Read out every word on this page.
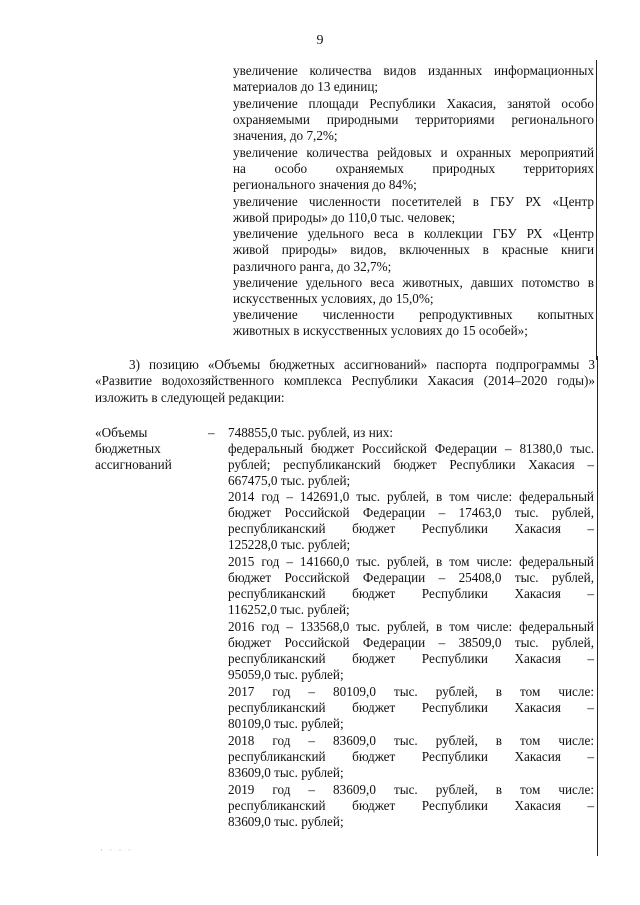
9
увеличение количества видов изданных информационных
материалов до 13 единиц;
увеличение площади Республики Хакасия, занятой особо
охраняемыми природными территориями регионального
значения, до 7,2%;
увеличение количества рейдовых и охранных мероприятий
на особо охраняемых природных территориях
регионального значения до 84%;
увеличение численности посетителей в ГБУ РХ «Центр
живой природы» до 110,0 тыс. человек;
увеличение удельного веса в коллекции ГБУ РХ «Центр
живой природы» видов, включенных в красные книги
различного ранга, до 32,7%;
увеличение удельного веса животных, давших потомство в
искусственных условиях, до 15,0%;
увеличение численности репродуктивных копытных
животных в искусственных условиях до 15 особей»;
3) позицию «Объемы бюджетных ассигнований» паспорта подпрограммы 3
«Развитие водохозяйственного комплекса Республики Хакасия (2014–2020 годы)»
изложить в следующей редакции:
«Объемы
бюджетных
ассигнований
– 748855,0 тыс. рублей, из них:
федеральный бюджет Российской Федерации – 81380,0 тыс.
рублей; республиканский бюджет Республики Хакасия –
667475,0 тыс. рублей;
2014 год – 142691,0 тыс. рублей, в том числе: федеральный
бюджет Российской Федерации – 17463,0 тыс. рублей,
республиканский бюджет Республики Хакасия –
125228,0 тыс. рублей;
2015 год – 141660,0 тыс. рублей, в том числе: федеральный
бюджет Российской Федерации – 25408,0 тыс. рублей,
республиканский бюджет Республики Хакасия –
116252,0 тыс. рублей;
2016 год – 133568,0 тыс. рублей, в том числе: федеральный
бюджет Российской Федерации – 38509,0 тыс. рублей,
республиканский бюджет Республики Хакасия –
95059,0 тыс. рублей;
2017 год – 80109,0 тыс. рублей, в том числе:
республиканский бюджет Республики Хакасия –
80109,0 тыс. рублей;
2018 год – 83609,0 тыс. рублей, в том числе:
республиканский бюджет Республики Хакасия –
83609,0 тыс. рублей;
2019 год – 83609,0 тыс. рублей, в том числе:
республиканский бюджет Республики Хакасия –
83609,0 тыс. рублей;
· · · ·
